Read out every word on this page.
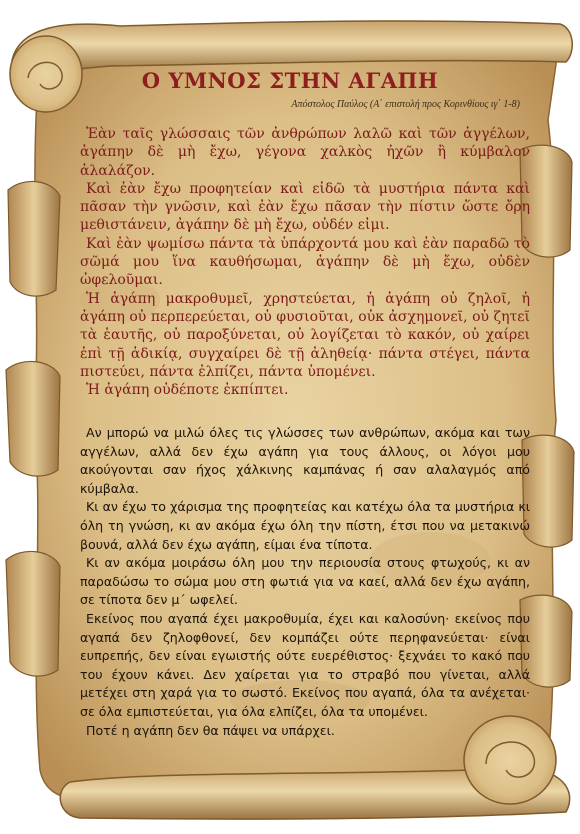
Ο ΥΜΝΟΣ ΣΤΗΝ ΑΓΑΠΗ
Απόστολος Παύλος (Α΄ επιστολή προς Κορινθίους ιγ΄ 1-8)

Ἐὰν ταῖς γλώσσαις τῶν ἀνθρώπων λαλῶ καὶ τῶν ἀγγέλων, ἀγάπην δὲ μὴ ἔχω, γέγονα χαλκὸς ἠχῶν ἢ κύμβαλον ἀλαλάζον.

Καὶ ἐὰν ἔχω προφητείαν καὶ εἰδῶ τὰ μυστήρια πάντα καὶ πᾶσαν τὴν γνῶσιν, καὶ ἐὰν ἔχω πᾶσαν τὴν πίστιν ὥστε ὄρη μεθιστάνειν, ἀγάπην δὲ μὴ ἔχω, οὐδέν εἰμι.

Καὶ ἐὰν ψωμίσω πάντα τὰ ὑπάρχοντά μου καὶ ἐὰν παραδῶ τὸ σῶμά μου ἵνα καυθήσωμαι, ἀγάπην δὲ μὴ ἔχω, οὐδὲν ὠφελοῦμαι.

Ἡ ἀγάπη μακροθυμεῖ, χρηστεύεται, ἡ ἀγάπη οὐ ζηλοῖ, ἡ ἀγάπη οὐ περπερεύεται, οὐ φυσιοῦται, οὐκ ἀσχημονεῖ, οὐ ζητεῖ τὰ ἑαυτῆς, οὐ παροξύνεται, οὐ λογίζεται τὸ κακόν, οὐ χαίρει ἐπὶ τῇ ἀδικίᾳ, συγχαίρει δὲ τῇ ἀληθείᾳ· πάντα στέγει, πάντα πιστεύει, πάντα ἐλπίζει, πάντα ὑπομένει.

Ἡ ἀγάπη οὐδέποτε ἐκπίπτει.

Αν μπορώ να μιλώ όλες τις γλώσσες των ανθρώπων, ακόμα και των αγγέλων, αλλά δεν έχω αγάπη για τους άλλους, οι λόγοι μου ακούγονται σαν ήχος χάλκινης καμπάνας ή σαν αλαλαγμός από κύμβαλα.

Κι αν έχω το χάρισμα της προφητείας και κατέχω όλα τα μυστήρια κι όλη τη γνώση, κι αν ακόμα έχω όλη την πίστη, έτσι που να μετακινώ βουνά, αλλά δεν έχω αγάπη, είμαι ένα τίποτα.

Κι αν ακόμα μοιράσω όλη μου την περιουσία στους φτωχούς, κι αν παραδώσω το σώμα μου στη φωτιά για να καεί, αλλά δεν έχω αγάπη, σε τίποτα δεν μ΄ ωφελεί.

Εκείνος που αγαπά έχει μακροθυμία, έχει και καλοσύνη· εκείνος που αγαπά δεν ζηλοφθονεί, δεν κομπάζει ούτε περηφανεύεται· είναι ευπρεπής, δεν είναι εγωιστής ούτε ευερέθιστος· ξεχνάει το κακό που του έχουν κάνει. Δεν χαίρεται για το στραβό που γίνεται, αλλά μετέχει στη χαρά για το σωστό. Εκείνος που αγαπά, όλα τα ανέχεται· σε όλα εμπιστεύεται, για όλα ελπίζει, όλα τα υπομένει.

Ποτέ η αγάπη δεν θα πάψει να υπάρχει.
